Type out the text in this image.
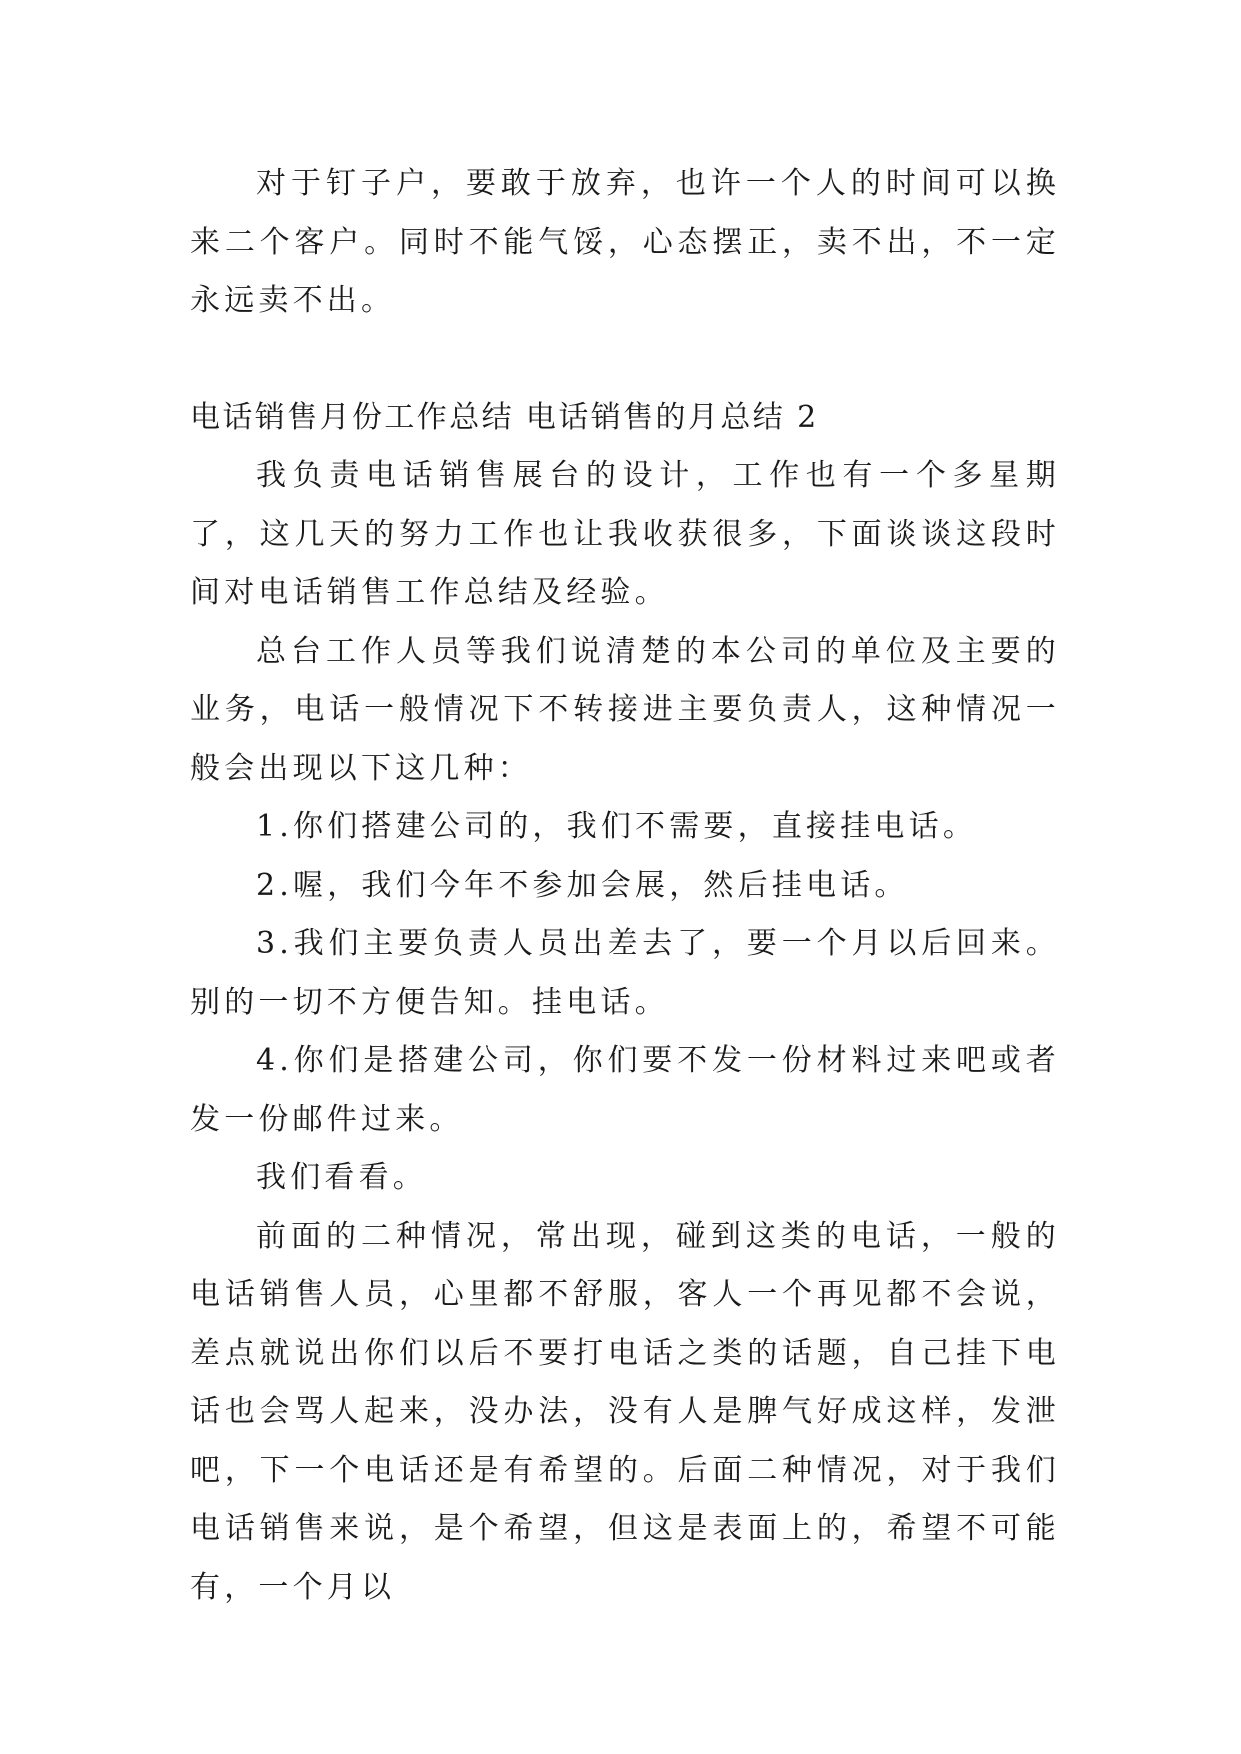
对于钉子户，要敢于放弃，也许一个人的时间可以换来二个客户。同时不能气馁，心态摆正，卖不出，不一定永远卖不出。

电话销售月份工作总结 电话销售的月总结 2

我负责电话销售展台的设计，工作也有一个多星期了，这几天的努力工作也让我收获很多，下面谈谈这段时间对电话销售工作总结及经验。

总台工作人员等我们说清楚的本公司的单位及主要的业务，电话一般情况下不转接进主要负责人，这种情况一般会出现以下这几种：

1.你们搭建公司的，我们不需要，直接挂电话。

2.喔，我们今年不参加会展，然后挂电话。

3.我们主要负责人员出差去了，要一个月以后回来。别的一切不方便告知。挂电话。

4.你们是搭建公司，你们要不发一份材料过来吧或者发一份邮件过来。

我们看看。

前面的二种情况，常出现，碰到这类的电话，一般的电话销售人员，心里都不舒服，客人一个再见都不会说，差点就说出你们以后不要打电话之类的话题，自己挂下电话也会骂人起来，没办法，没有人是脾气好成这样，发泄吧，下一个电话还是有希望的。后面二种情况，对于我们电话销售来说，是个希望，但这是表面上的，希望不可能有，一个月以
